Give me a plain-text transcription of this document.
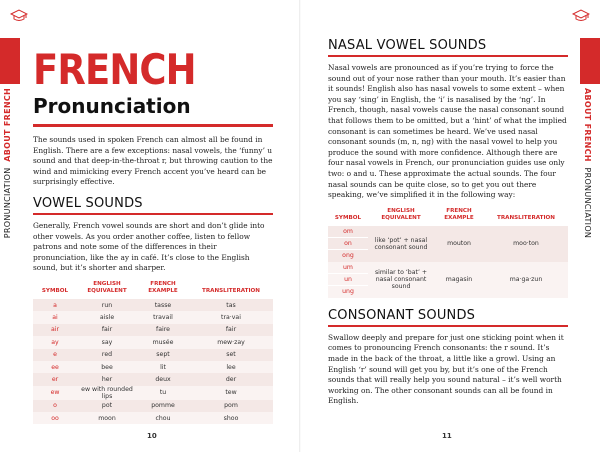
PRONUNCIATION  ABOUT FRENCH	ABOUT FRENCH  PRONUNCIATION
FRENCH
Pronunciation

The sounds used in spoken French can almost all be found in English. There are a few exceptions: nasal vowels, the ‘funny’ u sound and that deep-in-the-throat r, but throwing caution to the wind and mimicking every French accent you’ve heard can be surprisingly effective.

VOWEL SOUNDS

Generally, French vowel sounds are short and don’t glide into other vowels. As you order another coffee, listen to fellow patrons and note some of the differences in their pronunciation, like the ay in café. It’s close to the English sound, but it’s shorter and sharper.

SYMBOL	ENGLISH EQUIVALENT	FRENCH EXAMPLE	TRANSLITERATION
a	run	tasse	tas
ai	aisle	travail	tra·vai
air	fair	faire	fair
ay	say	musée	mew·zay
e	red	sept	set
ee	bee	lit	lee
er	her	deux	der
ew	ew with rounded lips	tu	tew
o	pot	pomme	pom
oo	moon	chou	shoo
10
NASAL VOWEL SOUNDS

Nasal vowels are pronounced as if you’re trying to force the sound out of your nose rather than your mouth. It’s easier than it sounds! English also has nasal vowels to some extent – when you say ‘sing’ in English, the ‘i’ is nasalised by the ‘ng’. In French, though, nasal vowels cause the nasal consonant sound that follows them to be omitted, but a ‘hint’ of what the implied consonant is can sometimes be heard. We’ve used nasal consonant sounds (m, n, ng) with the nasal vowel to help you produce the sound with more confidence. Although there are four nasal vowels in French, our pronunciation guides use only two: o and u. These approximate the actual sounds. The four nasal sounds can be quite close, so to get you out there speaking, we’ve simplified it in the following way:

SYMBOL	ENGLISH EQUIVALENT	FRENCH EXAMPLE	TRANSLITERATION
om	like ‘pot’ + nasal consonant sound	mouton	moo·ton
on			
ong			
um	similar to ‘bat’ + nasal consonant sound	magasin	ma·ga·zun
un			
ung			
CONSONANT SOUNDS

Swallow deeply and prepare for just one sticking point when it comes to pronouncing French consonants: the r sound. It’s made in the back of the throat, a little like a growl. Using an English ‘r’ sound will get you by, but it’s one of the French sounds that will really help you sound natural – it’s well worth working on. The other consonant sounds can all be found in English.

11
